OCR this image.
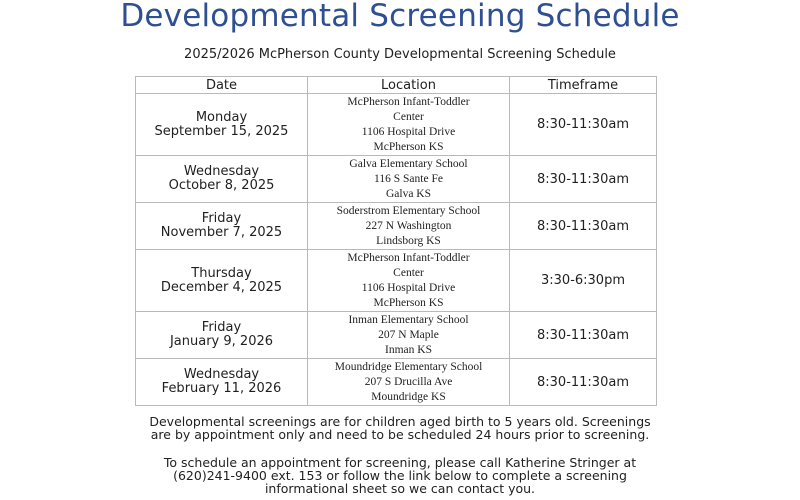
Developmental Screening Schedule
2025/2026 McPherson County Developmental Screening Schedule
Date	Location	Timeframe

Monday
September 15, 2025	McPherson Infant-Toddler
Center
1106 Hospital Drive
McPherson KS	8:30-11:30am

Wednesday
October 8, 2025	Galva Elementary School
116 S Sante Fe
Galva KS	8:30-11:30am

Friday
November 7, 2025	Soderstrom Elementary School
227 N Washington
Lindsborg KS	8:30-11:30am

Thursday
December 4, 2025	McPherson Infant-Toddler
Center
1106 Hospital Drive
McPherson KS	3:30-6:30pm

Friday
January 9, 2026	Inman Elementary School
207 N Maple
Inman KS	8:30-11:30am

Wednesday
February 11, 2026	Moundridge Elementary School
207 S Drucilla Ave
Moundridge KS	8:30-11:30am
Developmental screenings are for children aged birth to 5 years old. Screenings
are by appointment only and need to be scheduled 24 hours prior to screening.
To schedule an appointment for screening, please call Katherine Stringer at
(620)241-9400 ext. 153 or follow the link below to complete a screening
informational sheet so we can contact you.
